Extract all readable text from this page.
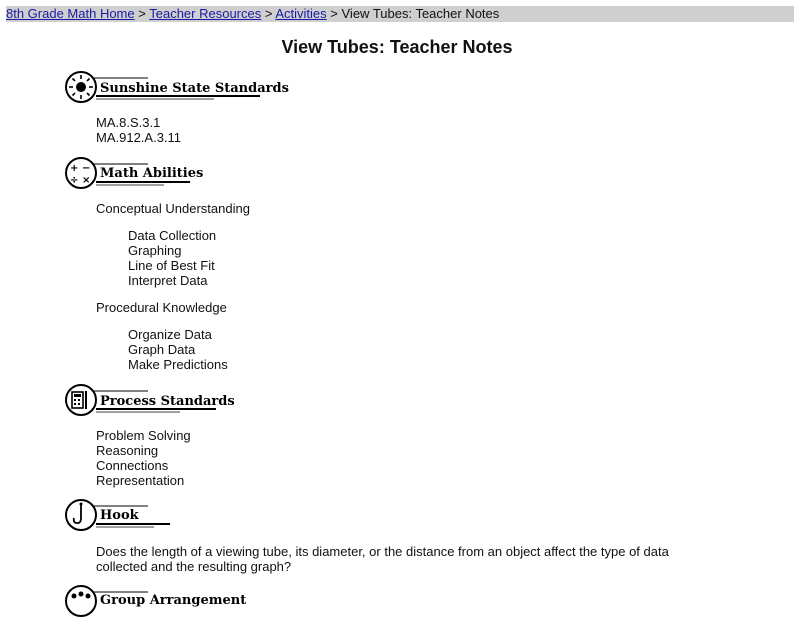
8th Grade Math Home > Teacher Resources > Activities > View Tubes: Teacher Notes
View Tubes: Teacher Notes
Sunshine State Standards
MA.8.S.3.1
MA.912.A.3.11
+ −
÷ × Math Abilities
Conceptual Understanding
Data Collection
Graphing
Line of Best Fit
Interpret Data
Procedural Knowledge
Organize Data
Graph Data
Make Predictions
Process Standards
Problem Solving
Reasoning
Connections
Representation
Hook
Does the length of a viewing tube, its diameter, or the distance from an object affect the type of data collected and the resulting graph?
Group Arrangement
